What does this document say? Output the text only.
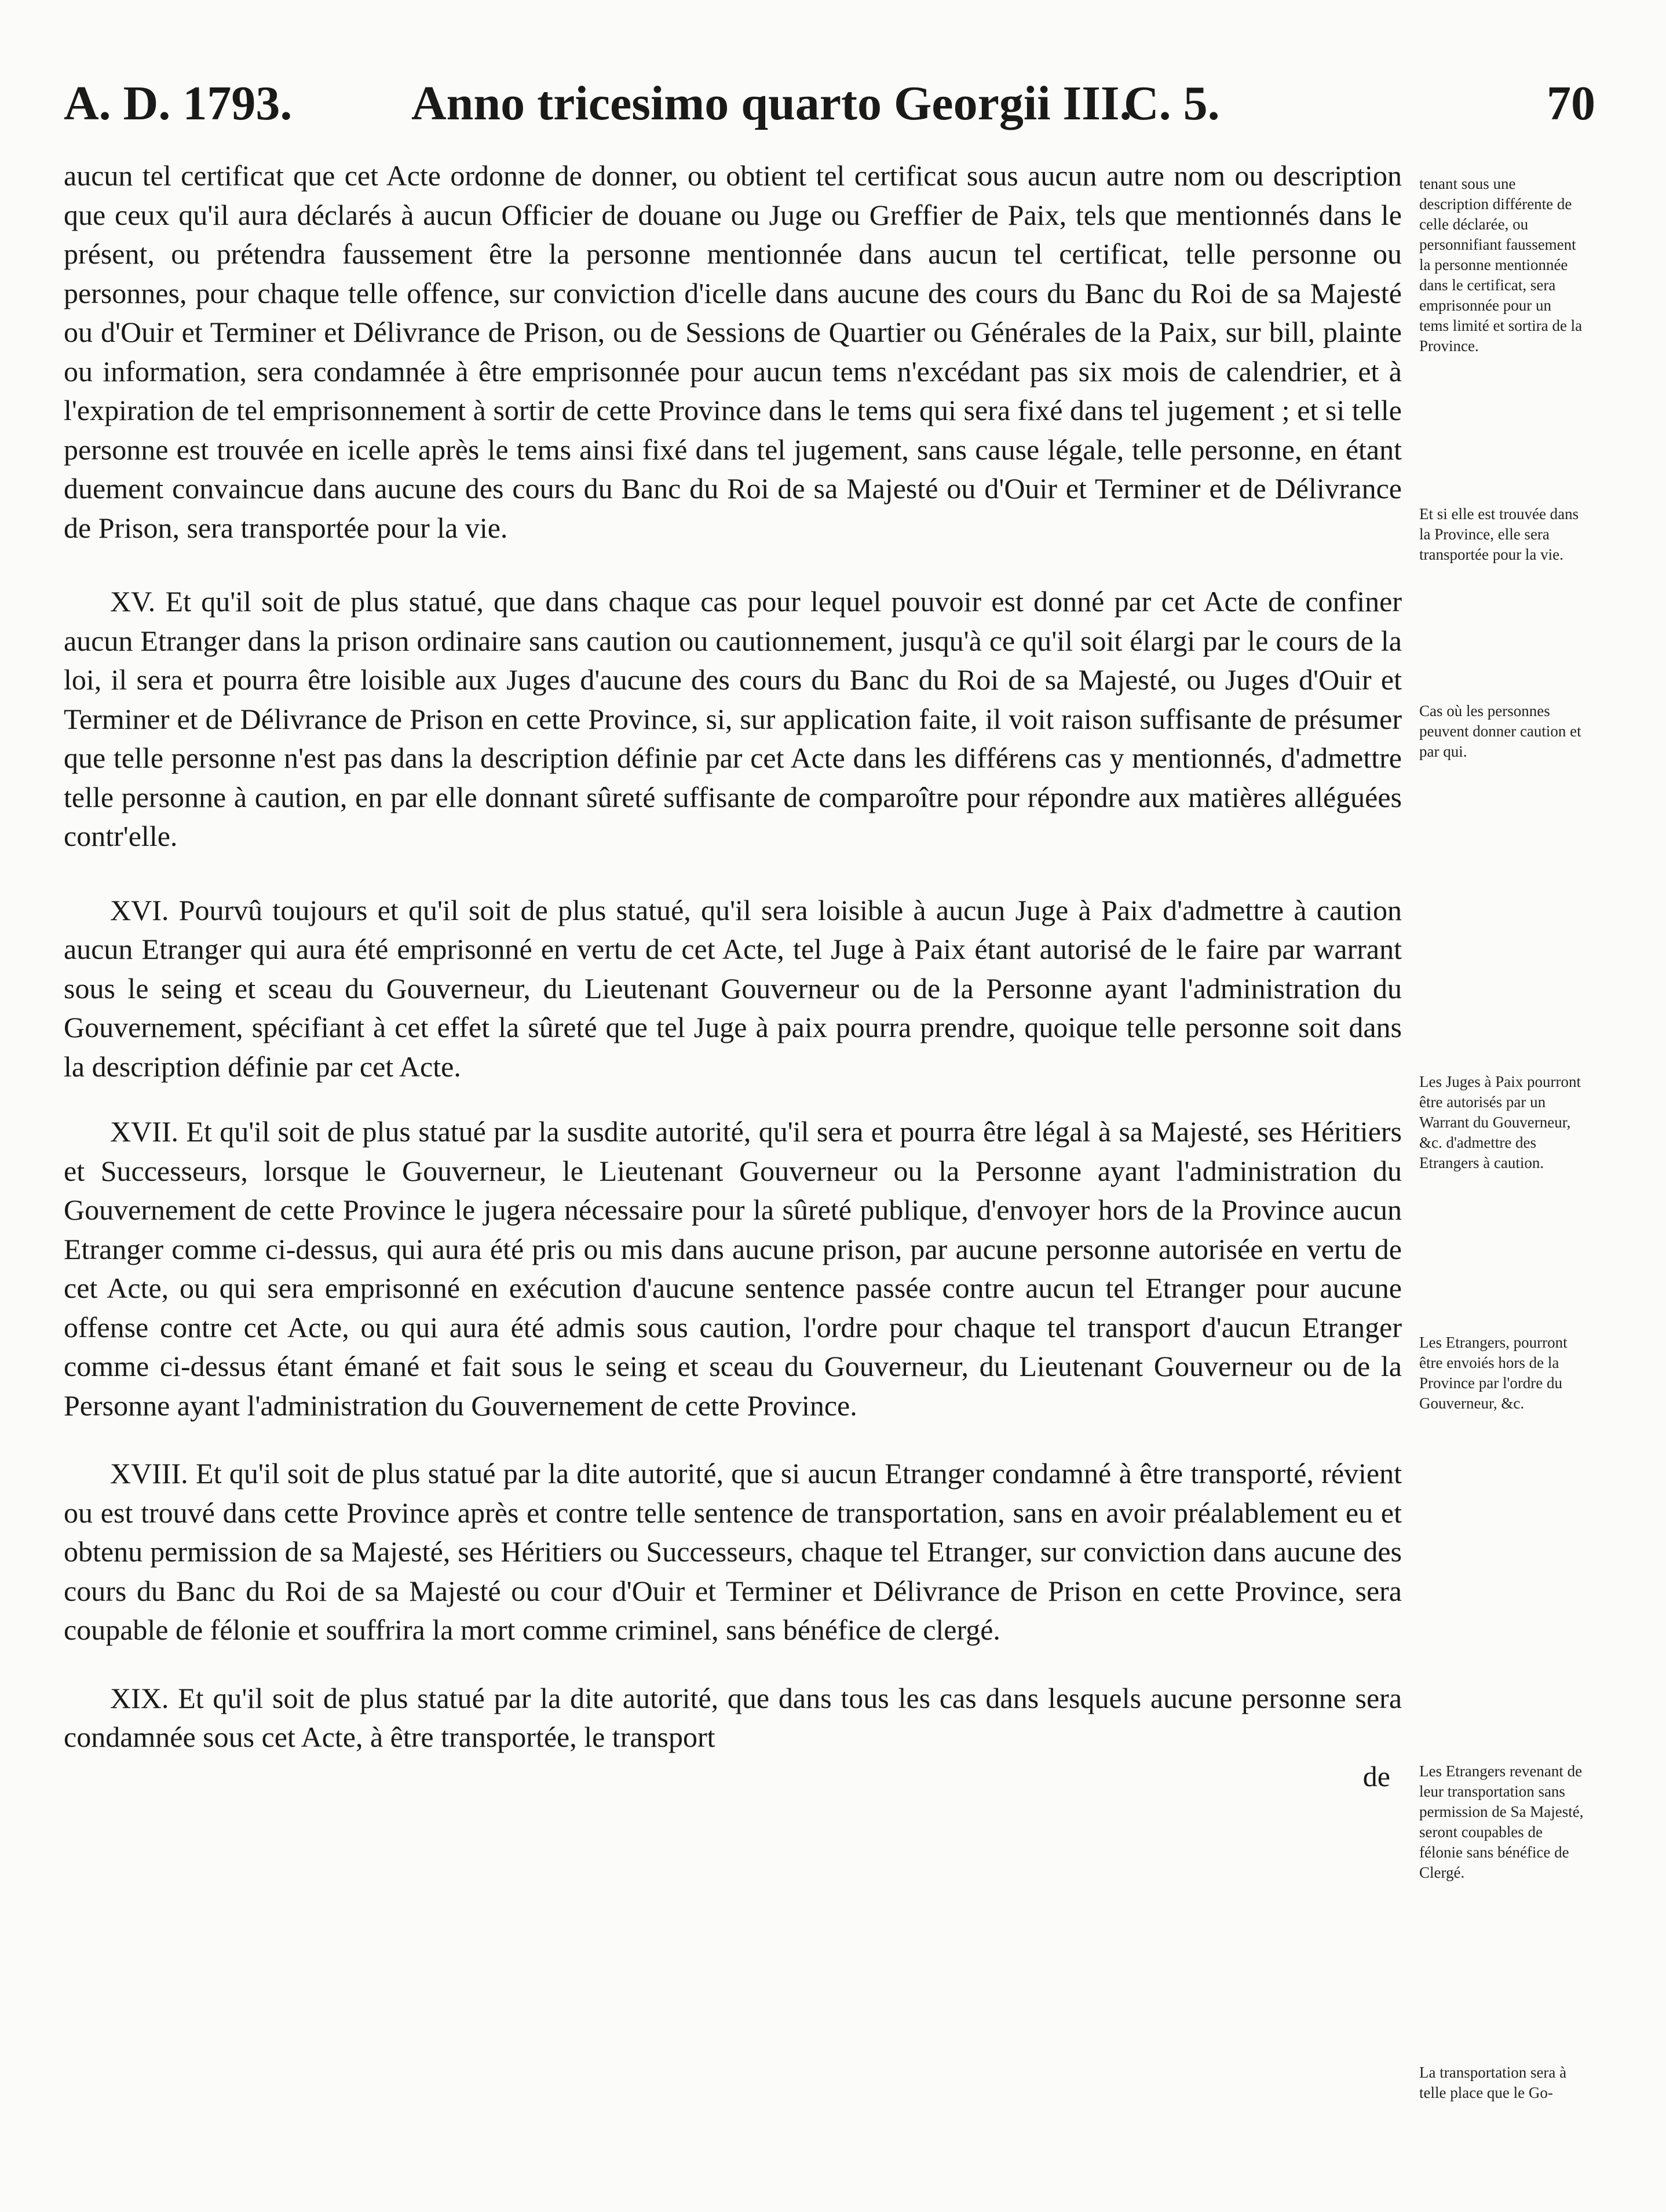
A. D. 1793. Anno tricesimo quarto Georgii III.
C. 5.	70

aucun tel certificat que cet Acte ordonne de donner, ou obtient tel certificat sous aucun autre nom ou description que ceux qu'il aura déclarés à aucun Officier de douane ou Juge ou Greffier de Paix, tels que mentionnés dans le présent, ou prétendra faussement être la personne mentionnée dans aucun tel certificat, telle personne ou personnes, pour chaque telle offence, sur conviction d'icelle dans aucune des cours du Banc du Roi de sa Majesté ou d'Ouir et Terminer et Délivrance de Prison, ou de Sessions de Quartier ou Générales de la Paix, sur bill, plainte ou information, sera condamnée à être emprisonnée pour aucun tems n'excédant pas six mois de calendrier, et à l'expiration de tel emprisonnement à sortir de cette Province dans le tems qui sera fixé dans tel jugement ; et si telle personne est trouvée en icelle après le tems ainsi fixé dans tel jugement, sans cause légale, telle personne, en étant duement convaincue dans aucune des cours du Banc du Roi de sa Majesté ou d'Ouir et Terminer et de Délivrance de Prison, sera transportée pour la vie.

XV. Et qu'il soit de plus statué, que dans chaque cas pour lequel pouvoir est donné par cet Acte de confiner aucun Etranger dans la prison ordinaire sans caution ou cautionnement, jusqu'à ce qu'il soit élargi par le cours de la loi, il sera et pourra être loisible aux Juges d'aucune des cours du Banc du Roi de sa Majesté, ou Juges d'Ouir et Terminer et de Délivrance de Prison en cette Province, si, sur application faite, il voit raison suffisante de présumer que telle personne n'est pas dans la description définie par cet Acte dans les différens cas y mentionnés, d'admettre telle personne à caution, en par elle donnant sûreté suffisante de comparoître pour répondre aux matières alléguées contr'elle.

XVI. Pourvû toujours et qu'il soit de plus statué, qu'il sera loisible à aucun Juge à Paix d'admettre à caution aucun Etranger qui aura été emprisonné en vertu de cet Acte, tel Juge à Paix étant autorisé de le faire par warrant sous le seing et sceau du Gouverneur, du Lieutenant Gouverneur ou de la Personne ayant l'administration du Gouvernement, spécifiant à cet effet la sûreté que tel Juge à paix pourra prendre, quoique telle personne soit dans la description définie par cet Acte.

XVII. Et qu'il soit de plus statué par la susdite autorité, qu'il sera et pourra être légal à sa Majesté, ses Héritiers et Successeurs, lorsque le Gouverneur, le Lieutenant Gouverneur ou la Personne ayant l'administration du Gouvernement de cette Province le jugera nécessaire pour la sûreté publique, d'envoyer hors de la Province aucun Etranger comme ci-dessus, qui aura été pris ou mis dans aucune prison, par aucune personne autorisée en vertu de cet Acte, ou qui sera emprisonné en exécution d'aucune sentence passée contre aucun tel Etranger pour aucune offense contre cet Acte, ou qui aura été admis sous caution, l'ordre pour chaque tel transport d'aucun Etranger comme ci-dessus étant émané et fait sous le seing et sceau du Gouverneur, du Lieutenant Gouverneur ou de la Personne ayant l'administration du Gouvernement de cette Province.

XVIII. Et qu'il soit de plus statué par la dite autorité, que si aucun Etranger condamné à être transporté, révient ou est trouvé dans cette Province après et contre telle sentence de transportation, sans en avoir préalablement eu et obtenu permission de sa Majesté, ses Héritiers ou Successeurs, chaque tel Etranger, sur conviction dans aucune des cours du Banc du Roi de sa Majesté ou cour d'Ouir et Terminer et Délivrance de Prison en cette Province, sera coupable de félonie et souffrira la mort comme criminel, sans bénéfice de clergé.

XIX. Et qu'il soit de plus statué par la dite autorité, que dans tous les cas dans lesquels aucune personne sera condamnée sous cet Acte, à être transportée, le transport

de

tenant sous une description différente de celle déclarée, ou personnifiant faussement la personne mentionnée dans le certificat, sera emprisonnée pour un tems limité et sortira de la Province.

Et si elle est trouvée dans la Province, elle sera transportée pour la vie.

Cas où les personnes peuvent donner caution et par qui.

Les Juges à Paix pourront être autorisés par un Warrant du Gouverneur, &c. d'admettre des Etrangers à caution.

Les Etrangers, pourront être envoiés hors de la Province par l'ordre du Gouverneur, &c.

Les Etrangers revenant de leur transportation sans permission de Sa Majesté, seront coupables de félonie sans bénéfice de Clergé.

La transportation sera à telle place que le Go-
